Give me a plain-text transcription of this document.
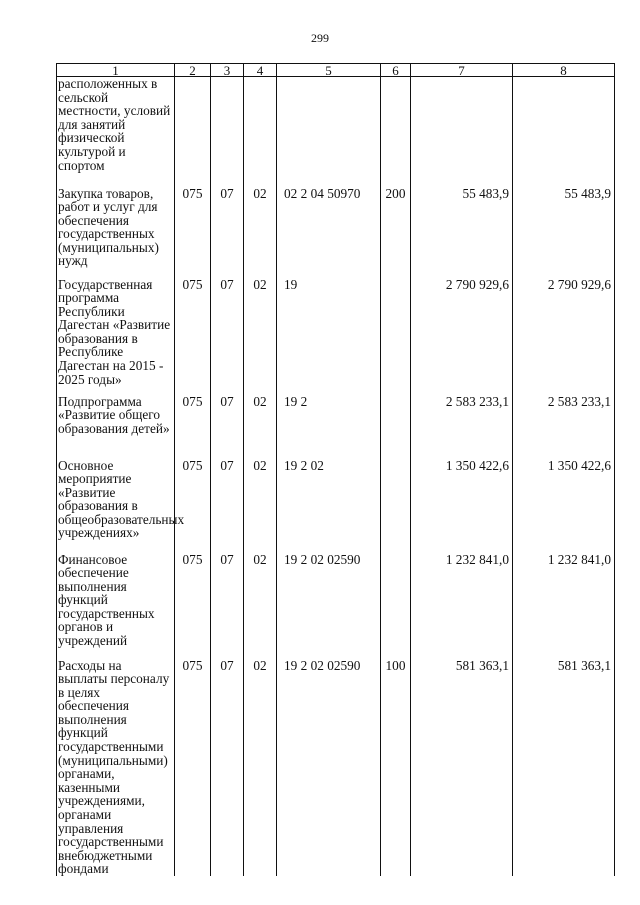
299
1	2	3	4	5	6	7	8
расположенных в сельской местности, условий для занятий физической культурой и спортом							
Закупка товаров, работ и услуг для обеспечения государственных (муниципальных) нужд	075	07	02	02 2 04 50970	200	55 483,9	55 483,9
Государственная программа Республики Дагестан «Развитие образования в Республике Дагестан на 2015 - 2025 годы»	075	07	02	19		2 790 929,6	2 790 929,6
Подпрограмма «Развитие общего образования детей»	075	07	02	19 2		2 583 233,1	2 583 233,1
Основное мероприятие «Развитие образования в общеобразовательных учреждениях»	075	07	02	19 2 02		1 350 422,6	1 350 422,6
Финансовое обеспечение выполнения функций государственных органов и учреждений	075	07	02	19 2 02 02590		1 232 841,0	1 232 841,0
Расходы на выплаты персоналу в целях обеспечения выполнения функций государственными (муниципальными) органами, казенными учреждениями, органами управления государственными внебюджетными фондами	075	07	02	19 2 02 02590	100	581 363,1	581 363,1
